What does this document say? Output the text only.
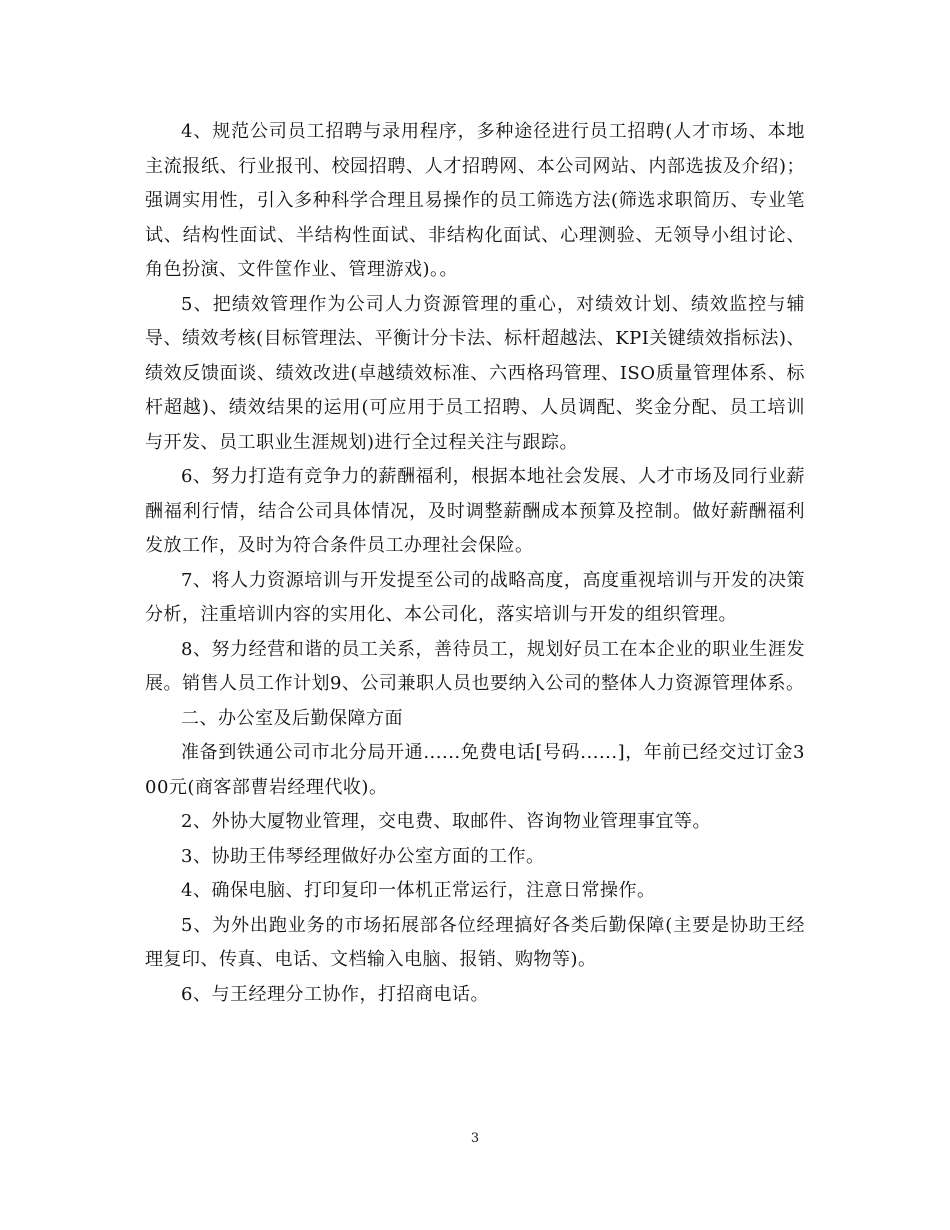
4、规范公司员工招聘与录用程序，多种途径进行员工招聘(人才市场、本地主流报纸、行业报刊、校园招聘、人才招聘网、本公司网站、内部选拔及介绍)；强调实用性，引入多种科学合理且易操作的员工筛选方法(筛选求职简历、专业笔试、结构性面试、半结构性面试、非结构化面试、心理测验、无领导小组讨论、角色扮演、文件筐作业、管理游戏)。。

5、把绩效管理作为公司人力资源管理的重心，对绩效计划、绩效监控与辅导、绩效考核(目标管理法、平衡计分卡法、标杆超越法、KPI关键绩效指标法)、绩效反馈面谈、绩效改进(卓越绩效标准、六西格玛管理、ISO质量管理体系、标杆超越)、绩效结果的运用(可应用于员工招聘、人员调配、奖金分配、员工培训与开发、员工职业生涯规划)进行全过程关注与跟踪。

6、努力打造有竞争力的薪酬福利，根据本地社会发展、人才市场及同行业薪酬福利行情，结合公司具体情况，及时调整薪酬成本预算及控制。做好薪酬福利发放工作，及时为符合条件员工办理社会保险。

7、将人力资源培训与开发提至公司的战略高度，高度重视培训与开发的决策分析，注重培训内容的实用化、本公司化，落实培训与开发的组织管理。

8、努力经营和谐的员工关系，善待员工，规划好员工在本企业的职业生涯发展。销售人员工作计划9、公司兼职人员也要纳入公司的整体人力资源管理体系。

二、办公室及后勤保障方面

准备到铁通公司市北分局开通......免费电话[号码......]，年前已经交过订金300元(商客部曹岩经理代收)。

2、外协大厦物业管理，交电费、取邮件、咨询物业管理事宜等。

3、协助王伟琴经理做好办公室方面的工作。

4、确保电脑、打印复印一体机正常运行，注意日常操作。

5、为外出跑业务的市场拓展部各位经理搞好各类后勤保障(主要是协助王经理复印、传真、电话、文档输入电脑、报销、购物等)。

6、与王经理分工协作，打招商电话。

3
